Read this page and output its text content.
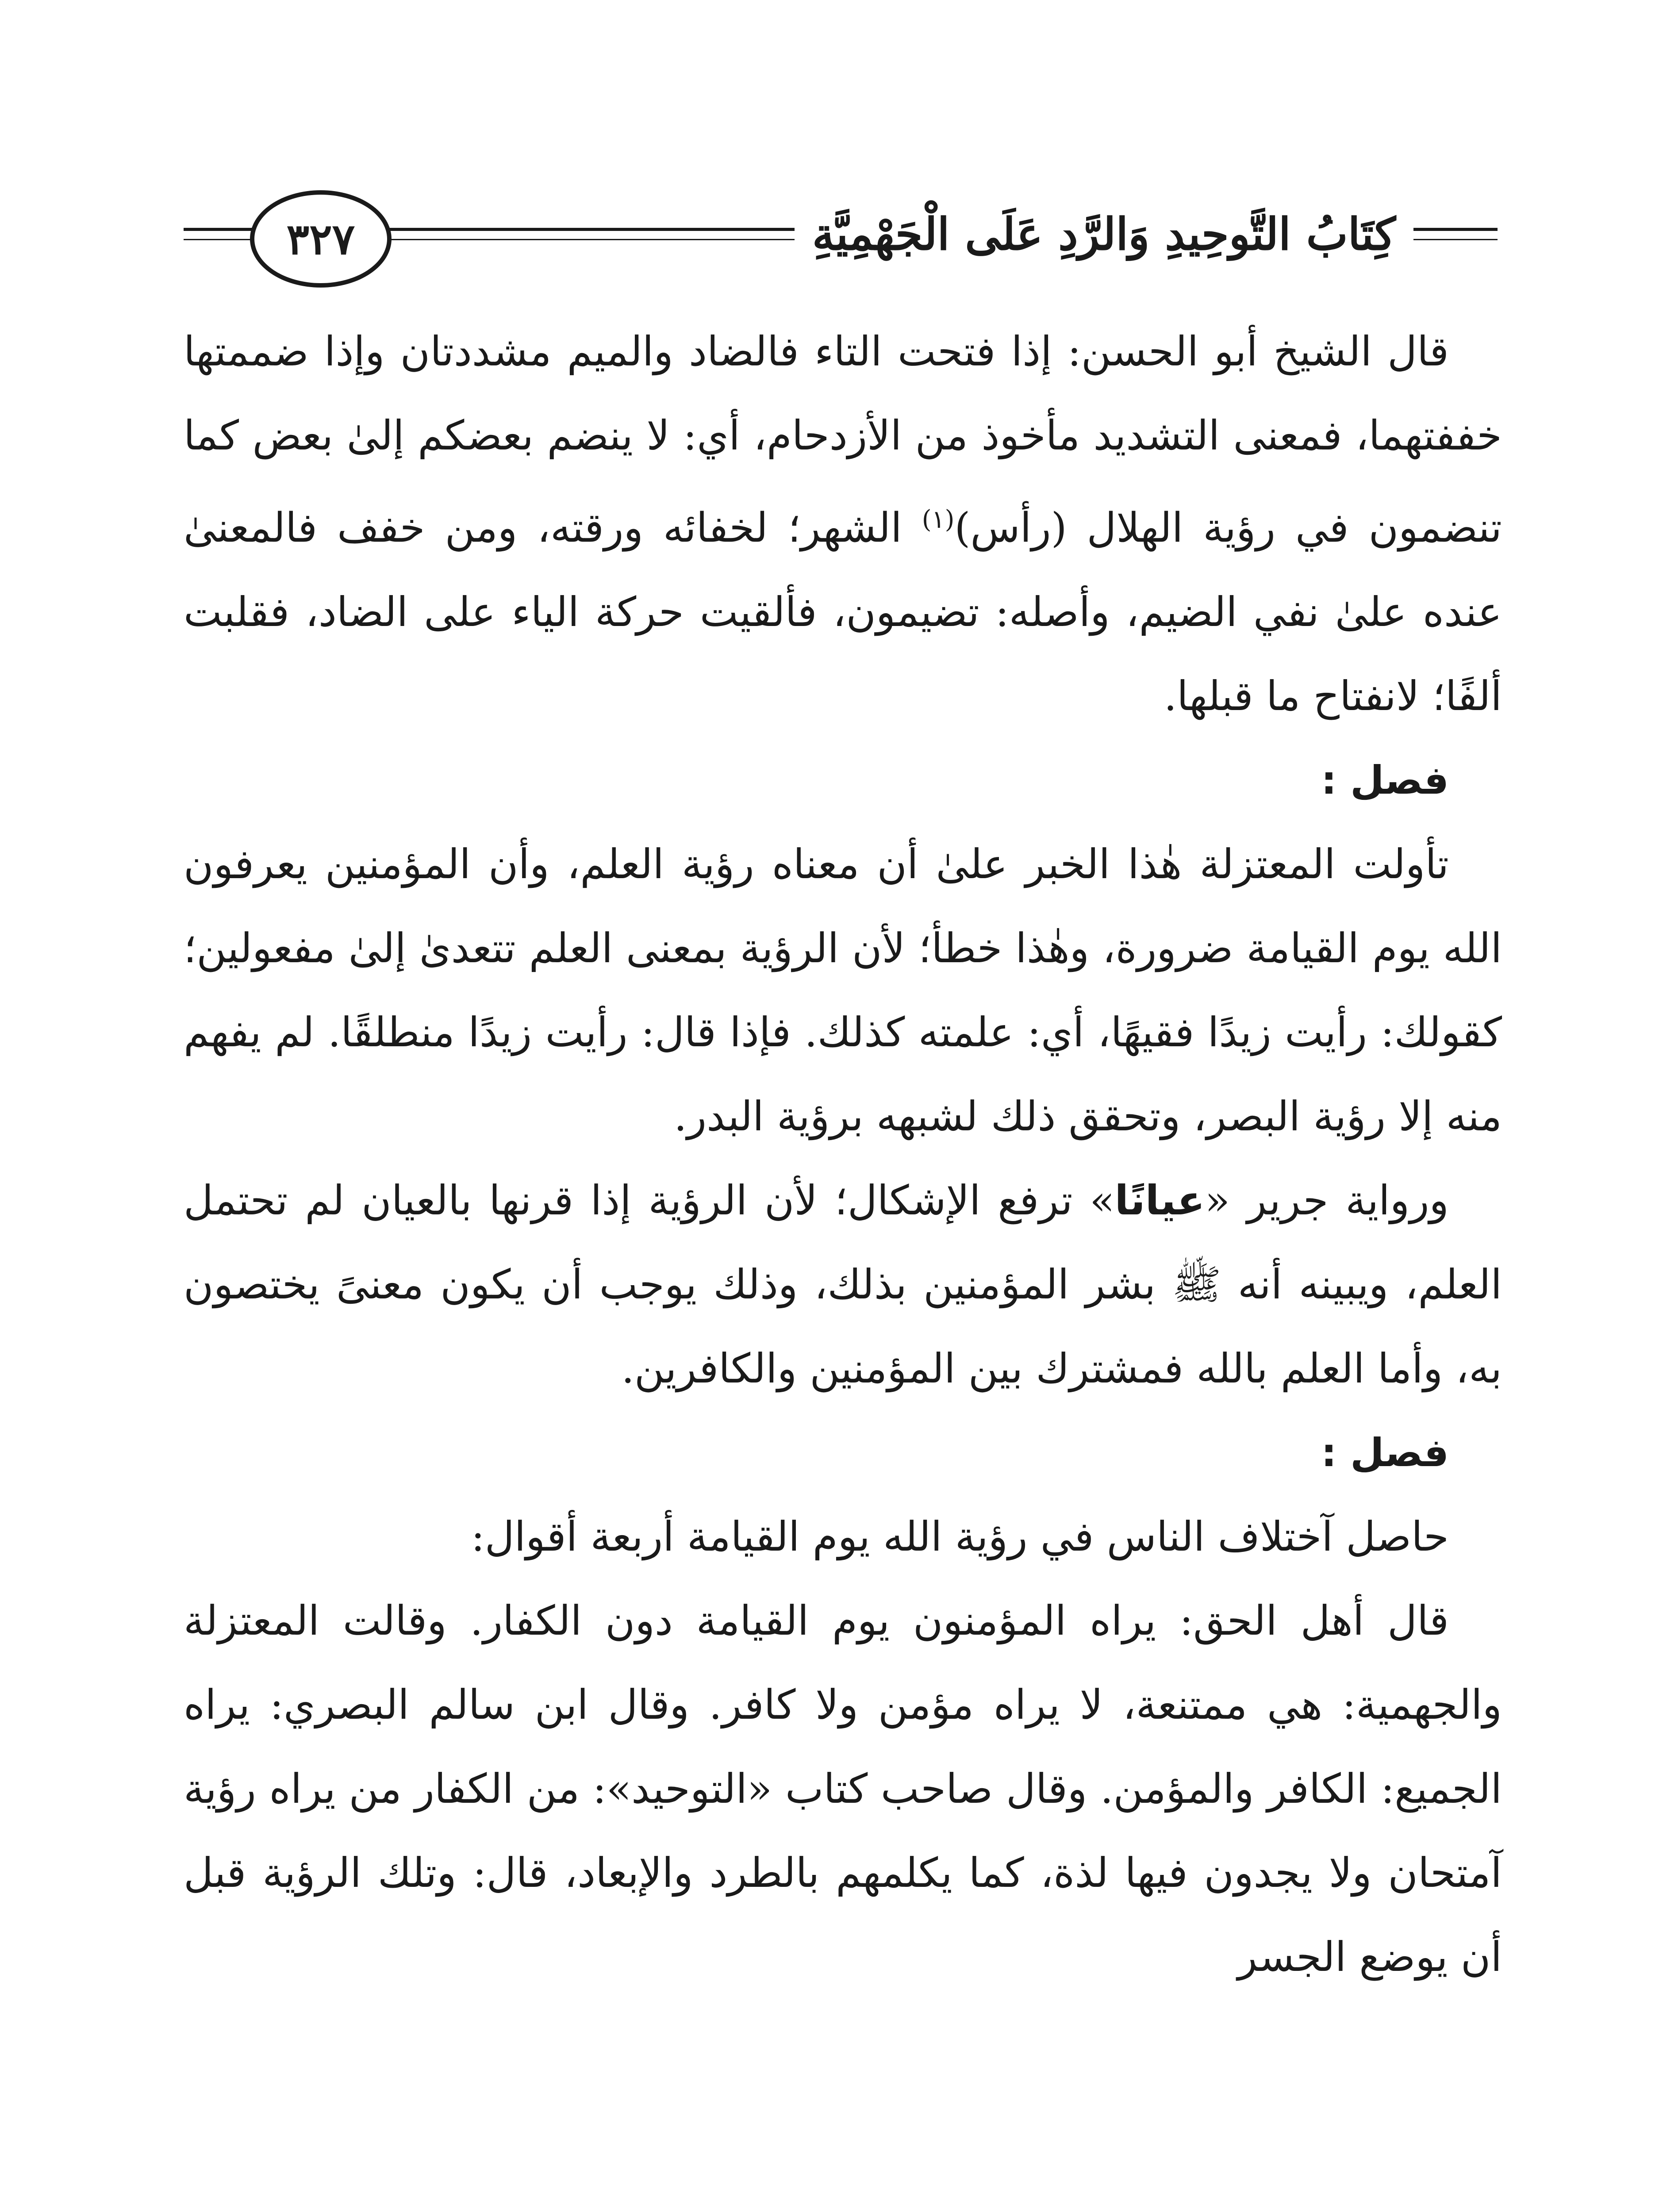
كِتَابُ التَّوحِيدِ وَالرَّدِ عَلَى الْجَهْمِيَّةِ
٣٢٧

قال الشيخ أبو الحسن: إذا فتحت التاء فالضاد والميم مشددتان وإذا ضممتها خففتهما، فمعنى التشديد مأخوذ من الأزدحام، أي: لا ينضم بعضكم إلىٰ بعض كما تنضمون في رؤية الهلال (رأس)$^{(١)}$ الشهر؛ لخفائه ورقته، ومن خفف فالمعنىٰ عنده علىٰ نفي الضيم، وأصله: تضيمون، فألقيت حركة الياء على الضاد، فقلبت ألفًا؛ لانفتاح ما قبلها.

فصل :

تأولت المعتزلة هٰذا الخبر علىٰ أن معناه رؤية العلم، وأن المؤمنين يعرفون الله يوم القيامة ضرورة، وهٰذا خطأ؛ لأن الرؤية بمعنى العلم تتعدىٰ إلىٰ مفعولين؛ كقولك: رأيت زيدًا فقيهًا، أي: علمته كذلك. فإذا قال: رأيت زيدًا منطلقًا. لم يفهم منه إلا رؤية البصر، وتحقق ذلك لشبهه برؤية البدر.

ورواية جرير «عيانًا» ترفع الإشكال؛ لأن الرؤية إذا قرنها بالعيان لم تحتمل العلم، ويبينه أنه ﷺ بشر المؤمنين بذلك، وذلك يوجب أن يكون معنىً يختصون به، وأما العلم بالله فمشترك بين المؤمنين والكافرين.

فصل :

حاصل آختلاف الناس في رؤية الله يوم القيامة أربعة أقوال:

قال أهل الحق: يراه المؤمنون يوم القيامة دون الكفار. وقالت المعتزلة والجهمية: هي ممتنعة، لا يراه مؤمن ولا كافر. وقال ابن سالم البصري: يراه الجميع: الكافر والمؤمن. وقال صاحب كتاب «التوحيد»: من الكفار من يراه رؤية آمتحان ولا يجدون فيها لذة، كما يكلمهم بالطرد والإبعاد، قال: وتلك الرؤية قبل أن يوضع الجسر
